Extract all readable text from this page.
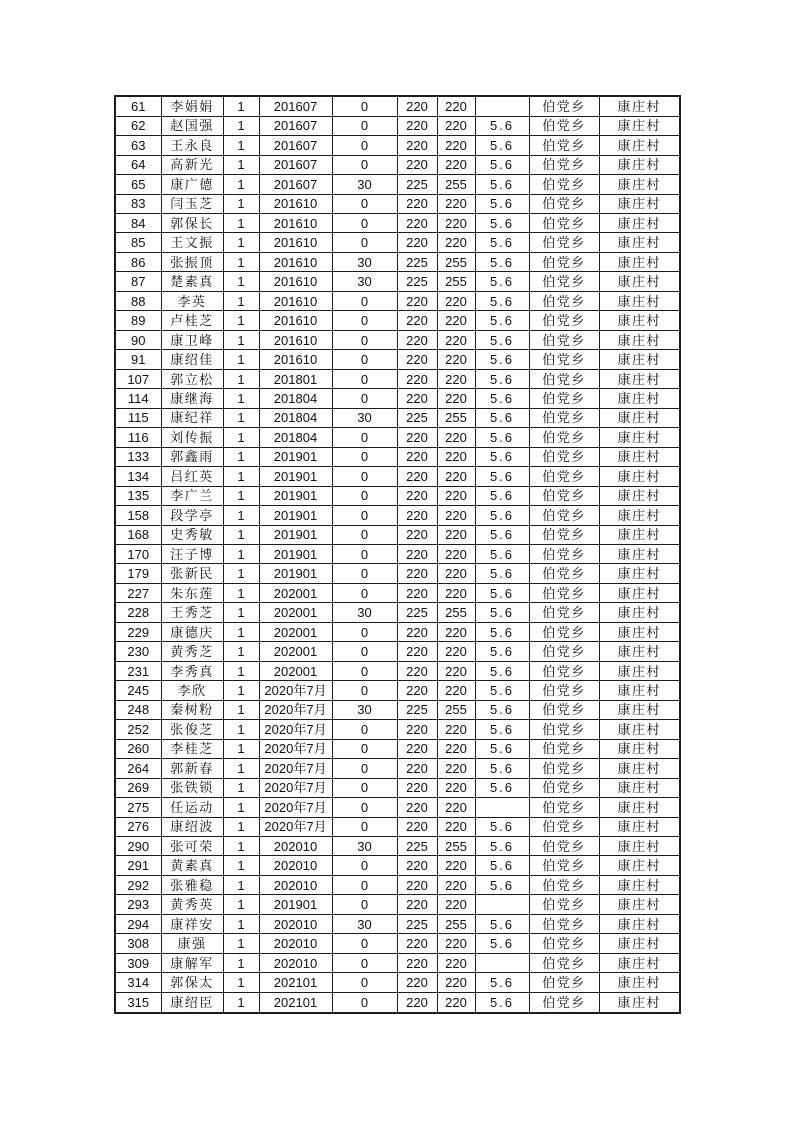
61	李娟娟	1	201607	0	220	220		伯党乡	康庄村
62	赵国强	1	201607	0	220	220	5.6	伯党乡	康庄村
63	王永良	1	201607	0	220	220	5.6	伯党乡	康庄村
64	高新光	1	201607	0	220	220	5.6	伯党乡	康庄村
65	康广德	1	201607	30	225	255	5.6	伯党乡	康庄村
83	闫玉芝	1	201610	0	220	220	5.6	伯党乡	康庄村
84	郭保长	1	201610	0	220	220	5.6	伯党乡	康庄村
85	王文振	1	201610	0	220	220	5.6	伯党乡	康庄村
86	张振顶	1	201610	30	225	255	5.6	伯党乡	康庄村
87	楚素真	1	201610	30	225	255	5.6	伯党乡	康庄村
88	李英	1	201610	0	220	220	5.6	伯党乡	康庄村
89	卢桂芝	1	201610	0	220	220	5.6	伯党乡	康庄村
90	康卫峰	1	201610	0	220	220	5.6	伯党乡	康庄村
91	康绍佳	1	201610	0	220	220	5.6	伯党乡	康庄村
107	郭立松	1	201801	0	220	220	5.6	伯党乡	康庄村
114	康继海	1	201804	0	220	220	5.6	伯党乡	康庄村
115	康纪祥	1	201804	30	225	255	5.6	伯党乡	康庄村
116	刘传振	1	201804	0	220	220	5.6	伯党乡	康庄村
133	郭鑫雨	1	201901	0	220	220	5.6	伯党乡	康庄村
134	吕红英	1	201901	0	220	220	5.6	伯党乡	康庄村
135	李广兰	1	201901	0	220	220	5.6	伯党乡	康庄村
158	段学亭	1	201901	0	220	220	5.6	伯党乡	康庄村
168	史秀敏	1	201901	0	220	220	5.6	伯党乡	康庄村
170	汪子博	1	201901	0	220	220	5.6	伯党乡	康庄村
179	张新民	1	201901	0	220	220	5.6	伯党乡	康庄村
227	朱东莲	1	202001	0	220	220	5.6	伯党乡	康庄村
228	王秀芝	1	202001	30	225	255	5.6	伯党乡	康庄村
229	康德庆	1	202001	0	220	220	5.6	伯党乡	康庄村
230	黄秀芝	1	202001	0	220	220	5.6	伯党乡	康庄村
231	李秀真	1	202001	0	220	220	5.6	伯党乡	康庄村
245	李欣	1	2020年7月	0	220	220	5.6	伯党乡	康庄村
248	秦树粉	1	2020年7月	30	225	255	5.6	伯党乡	康庄村
252	张俊芝	1	2020年7月	0	220	220	5.6	伯党乡	康庄村
260	李桂芝	1	2020年7月	0	220	220	5.6	伯党乡	康庄村
264	郭新春	1	2020年7月	0	220	220	5.6	伯党乡	康庄村
269	张铁锁	1	2020年7月	0	220	220	5.6	伯党乡	康庄村
275	任运动	1	2020年7月	0	220	220		伯党乡	康庄村
276	康绍波	1	2020年7月	0	220	220	5.6	伯党乡	康庄村
290	张可荣	1	202010	30	225	255	5.6	伯党乡	康庄村
291	黄素真	1	202010	0	220	220	5.6	伯党乡	康庄村
292	张雅稳	1	202010	0	220	220	5.6	伯党乡	康庄村
293	黄秀英	1	201901	0	220	220		伯党乡	康庄村
294	康祥安	1	202010	30	225	255	5.6	伯党乡	康庄村
308	康强	1	202010	0	220	220	5.6	伯党乡	康庄村
309	康解军	1	202010	0	220	220		伯党乡	康庄村
314	郭保太	1	202101	0	220	220	5.6	伯党乡	康庄村
315	康绍臣	1	202101	0	220	220	5.6	伯党乡	康庄村
